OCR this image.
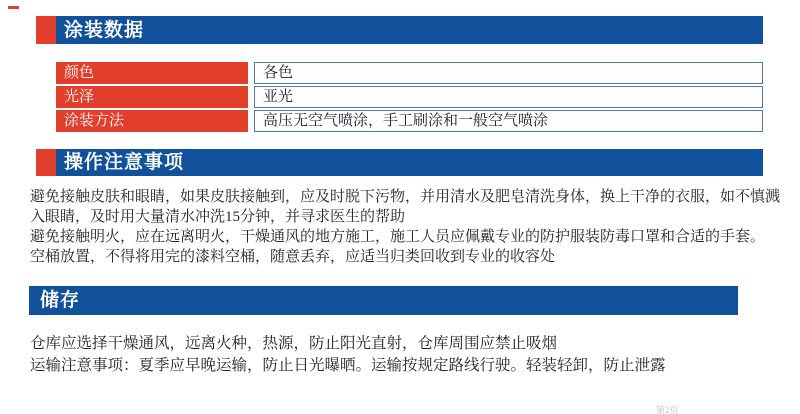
涂装数据
颜色	各色
光泽	亚光
涂装方法	高压无空气喷涂，手工刷涂和一般空气喷涂
操作注意事项
避免接触皮肤和眼睛，如果皮肤接触到，应及时脱下污物，并用清水及肥皂清洗身体，换上干净的衣服，如不慎溅
入眼睛，及时用大量清水冲洗15分钟，并寻求医生的帮助
避免接触明火，应在远离明火，干燥通风的地方施工，施工人员应佩戴专业的防护服装防毒口罩和合适的手套。
空桶放置，不得将用完的漆料空桶，随意丢弃，应适当归类回收到专业的收容处
储存
仓库应选择干燥通风，远离火种，热源，防止阳光直射，仓库周围应禁止吸烟
运输注意事项：夏季应早晚运输，防止日光曝晒。运输按规定路线行驶。轻装轻卸，防止泄露
第2页
